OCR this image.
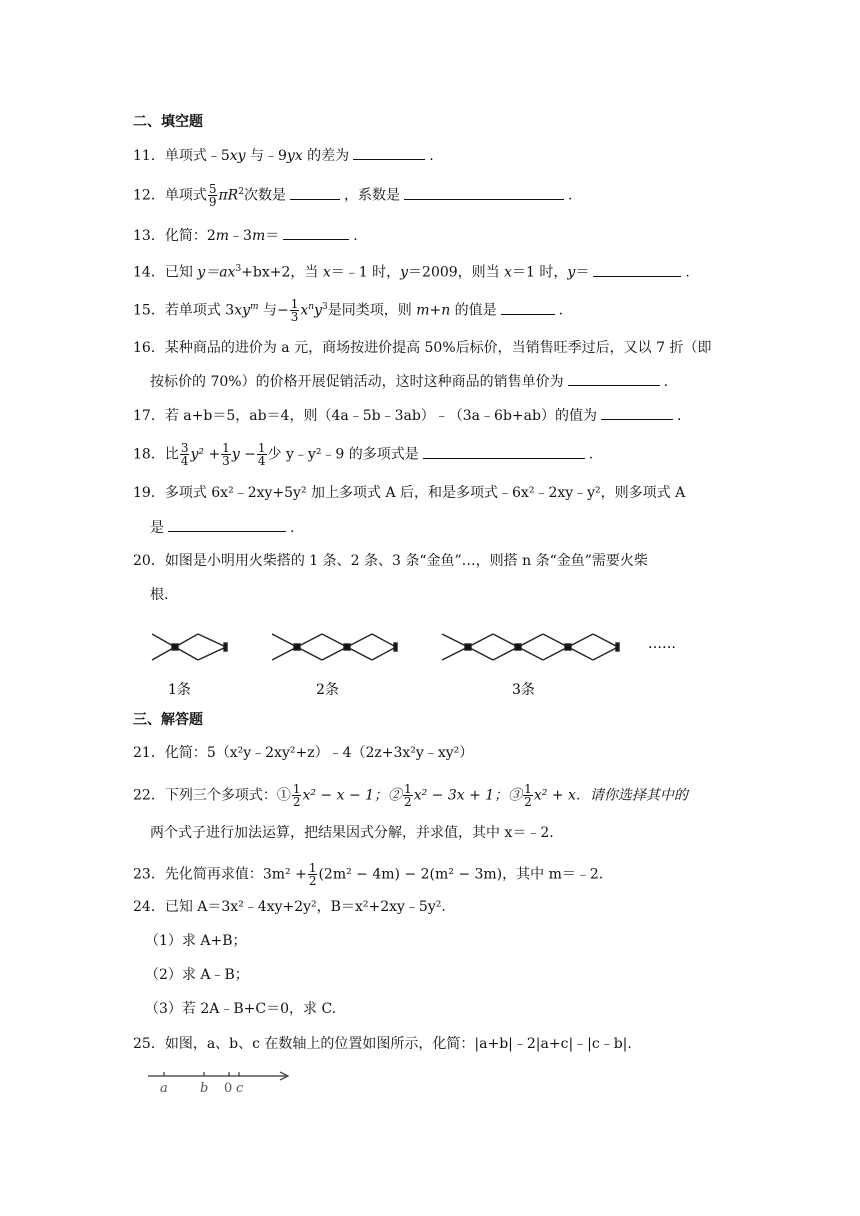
二、填空题
11．单项式﹣5xy 与﹣9yx 的差为	.
12．单项式 $\frac{5}{9} \pi R^2$次数是	，系数是	.
13．化简：2m﹣3m＝	.
14．已知 $y=ax^3+bx+2$，当 x＝﹣1 时，y＝2009，则当 x＝1 时，y＝	.
15．若单项式 $3xy^m$ 与− $\frac{1}{3} x^ny^3$是同类项，则 m+n 的值是	.
16．某种商品的进价为 a 元，商场按进价提高 50%后标价，当销售旺季过后，又以 7 折（即
按标价的 70%）的价格开展促销活动，这时这种商品的销售单价为	.
17．若 a+b＝5，ab＝4，则（4a﹣5b﹣3ab）﹣（3a﹣6b+ab）的值为	.
18．比 $\frac{3}{4} y^2 + \frac{1}{3}$ $y - \frac{1}{4}$ 少 y﹣y²﹣9 的多项式是	.
19．多项式 6x²﹣2xy+5y² 加上多项式 A 后，和是多项式﹣6x²﹣2xy﹣y²，则多项式 A
是	.
20．如图是小明用火柴搭的 1 条、2 条、3 条“金鱼”…，则搭 n 条“金鱼”需要火柴
根.
……
1条	2条	3条
三、解答题
21．化简：5（x²y﹣2xy²+z）﹣4（2z+3x²y﹣xy²）
22．下列三个多项式：① $\frac{1}{2} x^2 - x - 1$；② $\frac{1}{2} x^2 - 3x + 1$；③ $\frac{1}{2} x^2 + x$．请你选择其中的
两个式子进行加法运算，把结果因式分解，并求值，其中 x＝﹣2.
23．先化简再求值：$3m^2 + \frac{1}{2} (2m^2 - 4m) - 2(m^2 - 3m)$，其中 m＝﹣2.
24．已知 A＝3x²﹣4xy+2y²，B＝x²+2xy﹣5y².
（1）求 A+B；
（2）求 A﹣B；
（3）若 2A﹣B+C＝0，求 C.
25．如图，a、b、c 在数轴上的位置如图所示，化简：|a+b|﹣2|a+c|﹣|c﹣b|.
a b 0 c
